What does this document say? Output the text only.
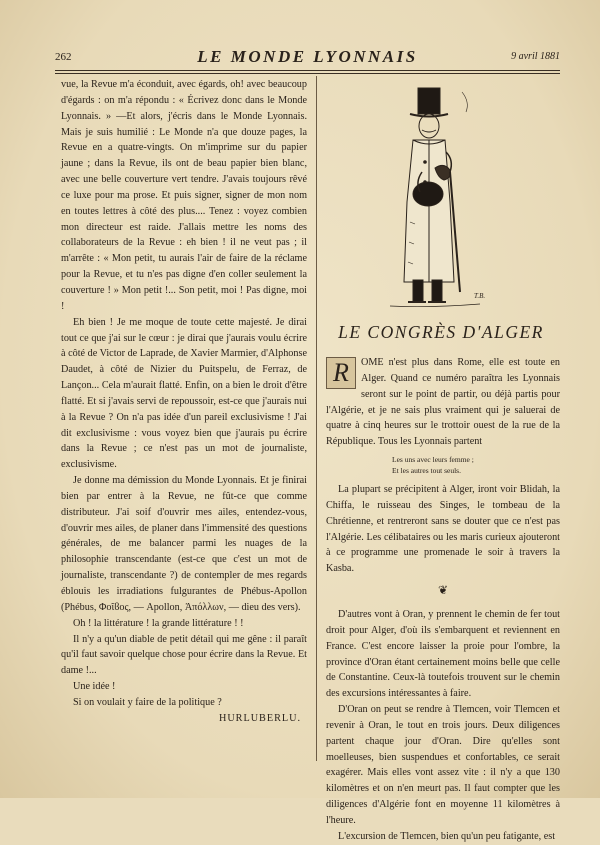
262	LE MONDE LYONNAIS	9 avril 1881

vue, la Revue m'a éconduit, avec égards, oh! avec beaucoup d'égards : on m'a répondu : « Écrivez donc dans le Monde Lyonnais. » —Et alors, j'écris dans le Monde Lyonnais. Mais je suis humilié : Le Monde n'a que douze pages, la Revue en a quatre-vingts. On m'imprime sur du papier jaune ; dans la Revue, ils ont de beau papier bien blanc, avec une belle couverture vert tendre. J'avais toujours rêvé ce luxe pour ma prose. Et puis signer, signer de mon nom en toutes lettres à côté des plus.... Tenez : voyez combien mon directeur est raide. J'allais mettre les noms des collaborateurs de la Revue : eh bien ! il ne veut pas ; il m'arrête : « Mon petit, tu aurais l'air de faire de la réclame pour la Revue, et tu n'es pas digne d'en coller seulement la couverture ! » Mon petit !... Son petit, moi ! Pas digne, moi !

Eh bien ! Je me moque de toute cette majesté. Je dirai tout ce que j'ai sur le cœur : je dirai que j'aurais voulu écrire à côté de Victor de Laprade, de Xavier Marmier, d'Alphonse Daudet, à côté de Nizier du Puitspelu, de Ferraz, de Lançon... Cela m'aurait flatté. Enfin, on a bien le droit d'être flatté. Et si j'avais servi de repoussoir, est-ce que j'aurais nui à la Revue ? On n'a pas idée d'un pareil exclusivisme ! J'ai dit exclusivisme : vous voyez bien que j'aurais pu écrire dans la Revue ; ce n'est pas un mot de journaliste, exclusivisme.

Je donne ma démission du Monde Lyonnais. Et je finirai bien par entrer à la Revue, ne fût-ce que comme distributeur. J'ai soif d'ouvrir mes ailes, entendez-vous, d'ouvrir mes ailes, de planer dans l'immensité des questions générales, de me balancer parmi les nuages de la philosophie transcendante (est-ce que c'est un mot de journaliste, transcendante ?) de contempler de mes regards éblouis les irradiations fulgurantes de Phébus-Apollon (Phébus, Φοῖϐος, — Apollon, Ἀπόλλων, — dieu des vers).

Oh ! la littérature ! la grande littérature ! !

Il n'y a qu'un diable de petit détail qui me gêne : il paraît qu'il faut savoir quelque chose pour écrire dans la Revue. Et dame !...

Une idée !

Si on voulait y faire de la politique ?

HURLUBERLU.

T.B.
LE CONGRÈS D'ALGER

R	OME n'est plus dans Rome, elle est toute en Alger. Quand ce numéro paraîtra les Lyonnais seront sur le point de partir, ou déjà partis pour l'Algérie, et je ne sais plus vraiment qui je saluerai de quatre à cinq heures sur le trottoir ouest de la rue de la République. Tous les Lyonnais partent

Les uns avec leurs femme ;
Et les autres tout seuls.

La plupart se précipitent à Alger, iront voir Blidah, la Chiffa, le ruisseau des Singes, le tombeau de la Chrétienne, et rentreront sans se douter que ce n'est pas l'Algérie. Les célibataires ou les maris curieux ajouteront à ce programme une promenade le soir à travers la Kasba.

❦

D'autres vont à Oran, y prennent le chemin de fer tout droit pour Alger, d'où ils s'embarquent et reviennent en France. C'est encore laisser la proie pour l'ombre, la province d'Oran étant certainement moins belle que celle de Constantine. Ceux-là toutefois trouvent sur le chemin des excursions intéressantes à faire.

D'Oran on peut se rendre à Tlemcen, voir Tlemcen et revenir à Oran, le tout en trois jours. Deux diligences partent chaque jour d'Oran. Dire qu'elles sont moelleuses, bien suspendues et confortables, ce serait exagérer. Mais elles vont assez vite : il n'y a que 130 kilomètres et on n'en meurt pas. Il faut compter que les diligences d'Algérie font en moyenne 11 kilomètres à l'heure.

L'excursion de Tlemcen, bien qu'un peu fatigante, est
